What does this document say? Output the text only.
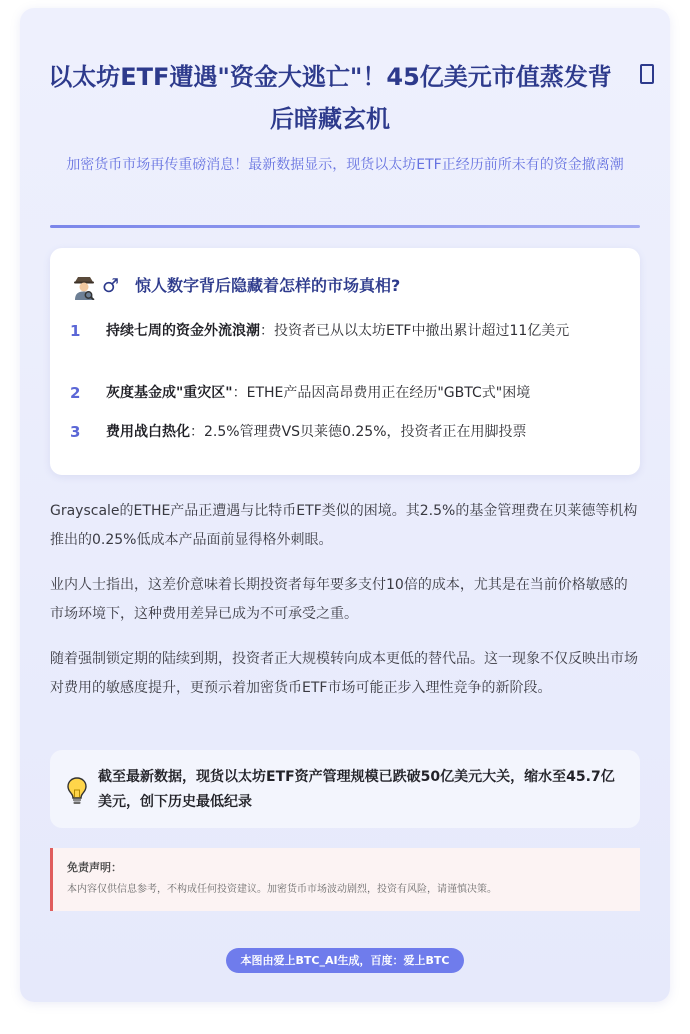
以太坊ETF遭遇"资金大逃亡"！45亿美元市值蒸发背后暗藏玄机
加密货币市场再传重磅消息！最新数据显示，现货以太坊ETF正经历前所未有的资金撤离潮
♂ 惊人数字背后隐藏着怎样的市场真相?
1	持续七周的资金外流浪潮：投资者已从以太坊ETF中撤出累计超过11亿美元
2	灰度基金成"重灾区"：ETHE产品因高昂费用正在经历"GBTC式"困境
3	费用战白热化：2.5%管理费VS贝莱德0.25%，投资者正在用脚投票
Grayscale的ETHE产品正遭遇与比特币ETF类似的困境。其2.5%的基金管理费在贝莱德等机构推出的0.25%低成本产品面前显得格外刺眼。
业内人士指出，这差价意味着长期投资者每年要多支付10倍的成本，尤其是在当前价格敏感的市场环境下，这种费用差异已成为不可承受之重。
随着强制锁定期的陆续到期，投资者正大规模转向成本更低的替代品。这一现象不仅反映出市场对费用的敏感度提升，更预示着加密货币ETF市场可能正步入理性竞争的新阶段。
截至最新数据，现货以太坊ETF资产管理规模已跌破50亿美元大关，缩水至45.7亿美元，创下历史最低纪录
免责声明：
本内容仅供信息参考，不构成任何投资建议。加密货币市场波动剧烈，投资有风险，请谨慎决策。
本图由爱上BTC_AI生成，百度：爱上BTC
